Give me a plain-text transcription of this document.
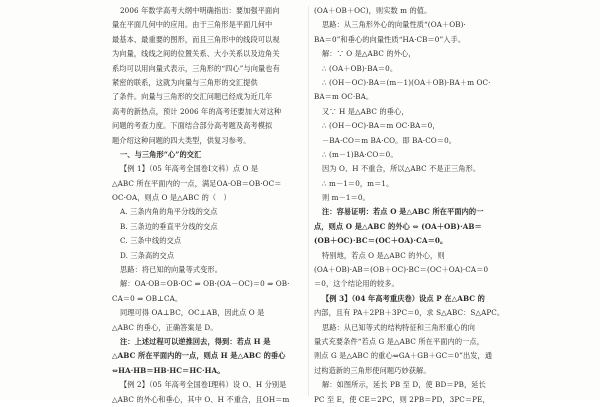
2006 年数学高考大纲中明确指出：要加强平面向
量在平面几何中的应用。由于三角形是平面几何中
最基本、最重要的图形，而且三角形中的线段可以视
为向量，线线之间的位置关系、大小关系以及边角关
系均可以用向量式表示，三角形的“四心”与向量也有
紧密的联系，这就为向量与三角形的交汇提供
了条件。向量与三角形的交汇问题已经成为近几年
高考的新热点，预计 2006 年的高考还要加大对这种
问题的考查力度。下面结合部分高考题及高考模拟
题介绍这种问题的四大类型，供复习参考。
一、与三角形“心”的交汇
【例 1】（05 年高考全国卷Ⅰ文科）点 O 是
△ABC 所在平面内的一点，满足OA·OB＝OB·OC＝
OC·OA，则点 O 是△ABC 的（　）
A. 三条内角的角平分线的交点
B. 三条边的垂直平分线的交点
C. 三条中线的交点
D. 三条高的交点
思路：将已知的向量等式变形。
解：OA·OB＝OB·OC ⇒ OB·(OA－OC)＝0 ⇒ OB·
CA＝0 ⇒ OB⊥CA。
同理可得 OA⊥BC，OC⊥AB，因此点 O 是
△ABC 的垂心，正确答案是 D。
注：上述过程可以逆推回去，得到：若点 H 是
△ABC 所在平面内的一点，则点 H 是△ABC 的垂心
⇔HA·HB＝HB·HC＝HC·HA。
【例 2】（05 年高考全国卷Ⅰ理科）设 O、H 分别是
△ABC 的外心和垂心，其中 O、H 不重合，且OH＝m
(OA＋OB＋OC)，则实数 m 的值。
思路：从三角形外心的向量性质“(OA＋OB)·
BA＝0”和垂心的向量性质“HA·CB＝0”入手。
解：∵ O 是△ABC 的外心，
∴ (OA＋OB)·BA＝0。
∴ (OH－OC)·BA＝(m－1)(OA＋OB)·BA＋m OC·
BA＝m OC·BA。
又∵ H 是△ABC 的垂心，
∴ (OH－OC)·BA＝m OC·BA＝0，
－BA·CO＝m BA·CO。即 BA·CO＝0。
∴ (m－1)BA·CO＝0。
因为 O、H 不重合，所以△ABC 不是正三角形。
∴ m－1＝0，m＝1。
则 m－1＝0。
注：容易证明：若点 O 是△ABC 所在平面内的一
点，则点 O 是△ABC 的外心 ⇔ (OA＋OB)·AB＝
(OB＋OC)·BC＝(OC＋OA)·CA＝0。
特别地，若点 O 是△ABC 的外心，则
(OA＋OB)·AB＝(OB＋OC)·BC＝(OC＋OA)·CA＝0
＝0，这个结论用的较多。
【例 3】（04 年高考重庆卷）设点 P 在△ABC 的
内部，且有 PA＋2PB＋3PC＝0，求 S△ABC：S△APC。
思路：从已知等式的结构特征和三角形重心的向
量式充要条件“若点 G 是△ABC 所在平面内的一点，
则点 G 是△ABC 的重心⇔GA＋GB＋GC＝0”出发，通
过构造新的三角形使问题巧妙获解。
解：如图所示，延长 PB 至 D，使 BD＝PB，延长
PC 至 E，使 CE＝2PC，则 2PB＝PD，3PC＝PE，
